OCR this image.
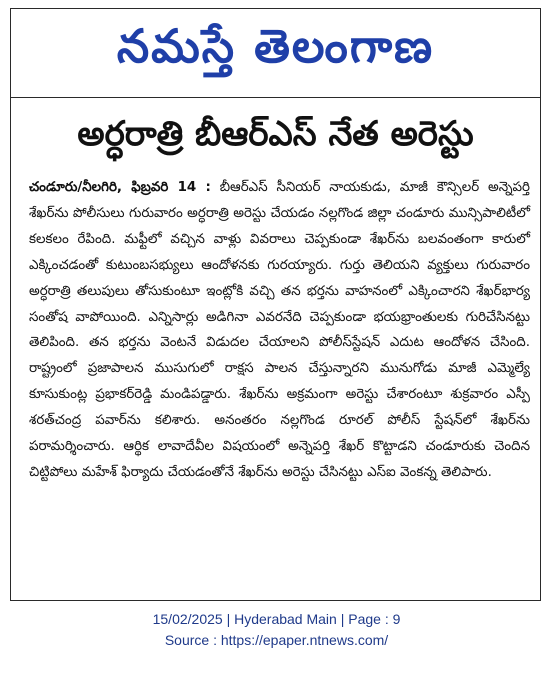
నమస్తే తెలంగాణ
అర్ధరాత్రి బీఆర్ఎస్ నేత అరెస్టు
చండూరు/నీలగిరి, ఫిబ్రవరి 14 : బీఆర్ఎస్ సీనియర్ నాయకుడు, మాజీ కౌన్సిలర్ అన్నెపర్తి శేఖర్‌ను పోలీసులు గురువారం అర్ధరాత్రి అరెస్టు చేయడం నల్లగొండ జిల్లా చండూరు మున్సిపాలిటీలో కలకలం రేపింది. మఫ్టీలో వచ్చిన వాళ్లు వివరాలు చెప్పకుండా శేఖర్‌ను బలవంతంగా కారులో ఎక్కించడంతో కుటుంబసభ్యులు ఆందోళనకు గురయ్యారు. గుర్తు తెలియని వ్యక్తులు గురువారం అర్ధరాత్రి తలుపులు తోసుకుంటూ ఇంట్లోకి వచ్చి తన భర్తను వాహనంలో ఎక్కించారని శేఖర్‌భార్య సంతోష వాపోయింది. ఎన్నిసార్లు అడిగినా ఎవరనేది చెప్పకుండా భయభ్రాంతులకు గురిచేసినట్టు తెలిపింది. తన భర్తను వెంటనే విడుదల చేయాలని పోలీస్‌స్టేషన్ ఎదుట ఆందోళన చేసింది. రాష్ట్రంలో ప్రజాపాలన ముసుగులో రాక్షస పాలన చేస్తున్నారని మునుగోడు మాజీ ఎమ్మెల్యే కూసుకుంట్ల ప్రభాకర్‌రెడ్డి మండిపడ్డారు. శేఖర్‌ను అక్రమంగా అరెస్టు చేశారంటూ శుక్రవారం ఎస్పీ శరత్‌చంద్ర పవార్‌ను కలిశారు. అనంతరం నల్లగొండ రూరల్ పోలీస్ స్టేషన్‌లో శేఖర్‌ను పరామర్శించారు. ఆర్థిక లావాదేవీల విషయంలో అన్నెపర్తి శేఖర్ కొట్టాడని చండూరుకు చెందిన చిట్టిపోలు మహేశ్ ఫిర్యాదు చేయడంతోనే శేఖర్‌ను అరెస్టు చేసినట్టు ఎస్ఐ వెంకన్న తెలిపారు.
15/02/2025 | Hyderabad Main | Page : 9
Source : https://epaper.ntnews.com/
